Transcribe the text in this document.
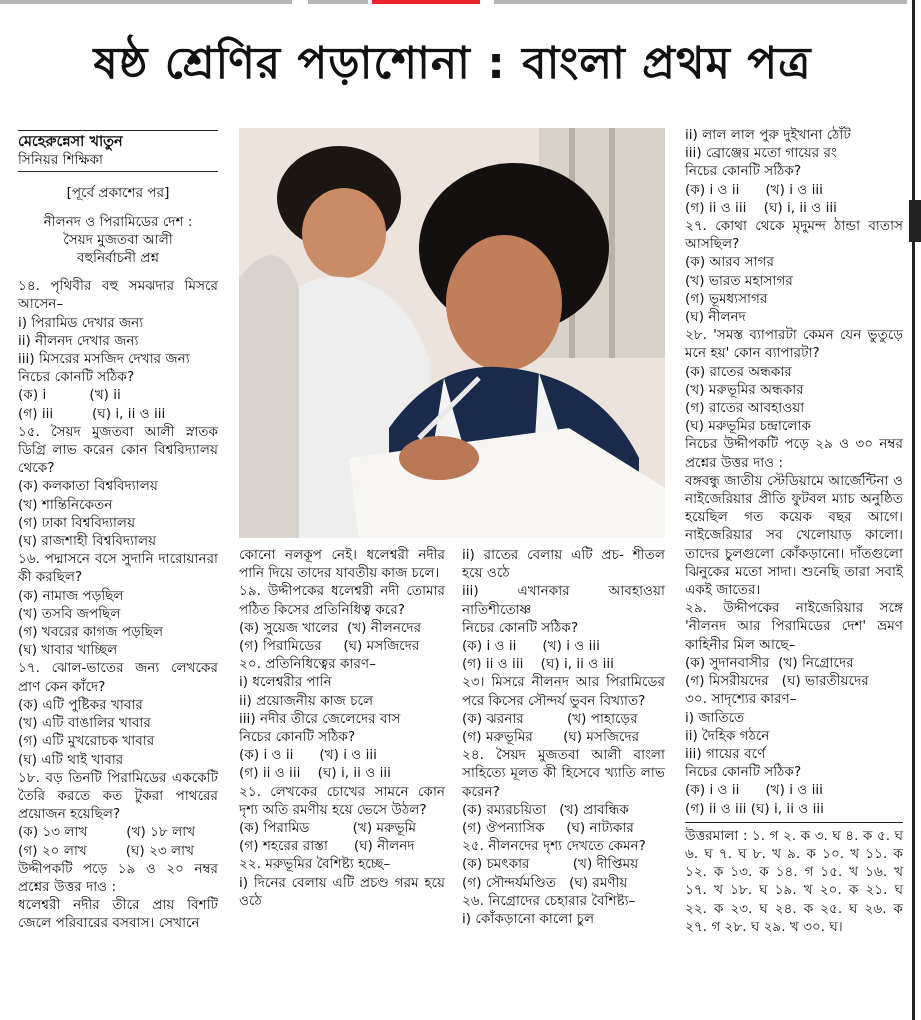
ষষ্ঠ শ্রেণির পড়াশোনা : বাংলা প্রথম পত্র

মেহেরুন্নেসা খাতুন

সিনিয়র শিক্ষিকা

[পূর্বে প্রকাশের পর]

নীলনদ ও পিরামিডের দেশ :

সৈয়দ মুজতবা আলী

বহুনির্বাচনী প্রশ্ন

১৪. পৃথিবীর বহু সমঝদার মিসরে আসেন–

i) পিরামিড দেখার জন্য

ii) নীলনদ দেখার জন্য

iii) মিসরের মসজিদ দেখার জন্য

নিচের কোনটি সঠিক?

(ক) i          (খ) ii

(গ) iii         (ঘ) i, ii ও iii

১৫. সৈয়দ মুজতবা আলী স্নাতক ডিগ্রি লাভ করেন কোন বিশ্ববিদ্যালয় থেকে?

(ক) কলকাতা বিশ্ববিদ্যালয়

(খ) শান্তিনিকেতন

(গ) ঢাকা বিশ্ববিদ্যালয়

(ঘ) রাজশাহী বিশ্ববিদ্যালয়

১৬. পদ্মাসনে বসে সুদানি দারোয়ানরা কী করছিল?

(ক) নামাজ পড়ছিল

(খ) তসবি জপছিল

(গ) খবরের কাগজ পড়ছিল

(ঘ) খাবার খাচ্ছিল

১৭. ঝোল-ভাতের জন্য লেখকের প্রাণ কেন কাঁদে?

(ক) এটি পুষ্টিকর খাবার

(খ) এটি বাঙালির খাবার

(গ) এটি মুখরোচক খাবার

(ঘ) এটি থাই খাবার

১৮. বড় তিনটি পিরামিডের এককেটি তৈরি করতে কত টুকরা পাথরের প্রয়োজন হয়েছিল?

(ক) ১৩ লাখ         (খ) ১৮ লাখ

(গ) ২০ লাখ         (ঘ) ২৩ লাখ

উদ্দীপকটি পড়ে ১৯ ও ২০ নম্বর প্রশ্নের উত্তর দাও :

ধলেশ্বরী নদীর তীরে প্রায় বিশটি জেলে পরিবারের বসবাস। সেখানে

কোনো নলকূপ নেই। ধলেশ্বরী নদীর পানি দিয়ে তাদের যাবতীয় কাজ চলে।

১৯. উদ্দীপকের ধলেশ্বরী নদী তোমার পঠিত কিসের প্রতিনিধিত্ব করে?

(ক) সুয়েজ খালের  (খ) নীলনদের

(গ) পিরামিডের     (ঘ) মসজিদের

২০. প্রতিনিধিত্বের কারণ–

i) ধলেশ্বরীর পানি

ii) প্রয়োজনীয় কাজ চলে

iii) নদীর তীরে জেলেদের বাস

নিচের কোনটি সঠিক?

(ক) i ও ii      (খ) i ও iii

(গ) ii ও iii    (ঘ) i, ii ও iii

২১. লেখকের চোখের সামনে কোন দৃশ্য অতি রমণীয় হয়ে ভেসে উঠল?

(ক) পিরামিড          (খ) মরুভূমি

(গ) শহরের রাস্তা      (ঘ) নীলনদ

২২. মরুভূমির বৈশিষ্ট্য হচ্ছে–

i) দিনের বেলায় এটি প্রচণ্ড গরম হয়ে ওঠে

ii) রাতের বেলায় এটি প্রচ- শীতল হয়ে ওঠে

iii) এখানকার আবহাওয়া নাতিশীতোষ্ণ

নিচের কোনটি সঠিক?

(ক) i ও ii      (খ) i ও iii

(গ) ii ও iii    (ঘ) i, ii ও iii

২৩। মিসরে নীলনদ আর পিরামিডের পরে কিসের সৌন্দর্য ভুবন বিখ্যাত?

(ক) ঝরনার          (খ) পাহাড়ের

(গ) মরুভূমির       (ঘ) মসজিদের

২৪. সৈয়দ মুজতবা আলী বাংলা সাহিত্যে মূলত কী হিসেবে খ্যাতি লাভ করেন?

(ক) রম্যরচয়িতা   (খ) প্রাবন্ধিক

(গ) ঔপন্যাসিক     (ঘ) নাট্যকার

২৫. নীলনদের দৃশ্য দেখতে কেমন?

(ক) চমৎকার          (খ) দীপ্তিময়

(গ) সৌন্দর্যমণ্ডিত   (ঘ) রমণীয়

২৬. নিগ্রোদের চেহারার বৈশিষ্ট্য–

i) কোঁকড়ানো কালো চুল

ii) লাল লাল পুরু দুইখানা ঠোঁট

iii) ব্রোঞ্জের মতো গায়ের রং

নিচের কোনটি সঠিক?

(ক) i ও ii      (খ) i ও iii

(গ) ii ও iii    (ঘ) i, ii ও iii

২৭. কোথা থেকে মৃদুমন্দ ঠান্ডা বাতাস আসছিল?

(ক) আরব সাগর

(খ) ভারত মহাসাগর

(গ) ভূমধ্যসাগর

(ঘ) নীলনদ

২৮. 'সমস্ত ব্যাপারটা কেমন যেন ভুতুড়ে মনে হয়' কোন ব্যাপারটা?

(ক) রাতের অন্ধকার

(খ) মরুভূমির অন্ধকার

(গ) রাতের আবহাওয়া

(ঘ) মরুভূমির চন্দ্রালোক

নিচের উদ্দীপকটি পড়ে ২৯ ও ৩০ নম্বর প্রশ্নের উত্তর দাও :

বঙ্গবন্ধু জাতীয় স্টেডিয়ামে আর্জেন্টিনা ও নাইজেরিয়ার প্রীতি ফুটবল ম্যাচ অনুষ্ঠিত হয়েছিল গত কয়েক বছর আগে। নাইজেরিয়ার সব খেলোয়াড় কালো। তাদের চুলগুলো কোঁকড়ানো। দাঁতগুলো ঝিনুকের মতো সাদা। শুনেছি তারা সবাই একই জাতের।

২৯. উদ্দীপকের নাইজেরিয়ার সঙ্গে 'নীলনদ আর পিরামিডের দেশ' ভ্রমণ কাহিনীর মিল আছে–

(ক) সুদানবাসীর  (খ) নিগ্রোদের

(গ) মিসরীয়দের   (ঘ) ভারতীয়দের

৩০. সাদৃশ্যের কারণ–

i) জাতিতে

ii) দৈহিক গঠনে

iii) গায়ের বর্ণে

নিচের কোনটি সঠিক?

(ক) i ও ii      (খ) i ও iii

(গ) ii ও iii (ঘ) i, ii ও iii

উত্তরমালা : ১. গ ২. ক ৩. ঘ ৪. ক ৫. ঘ ৬. ঘ ৭. ঘ ৮. খ ৯. ক ১০. খ ১১. ক ১২. ক ১৩. ক ১৪. গ ১৫. খ ১৬. খ ১৭. খ ১৮. ঘ ১৯. খ ২০. ক ২১. ঘ ২২. ক ২৩. ঘ ২৪. ক ২৫. ঘ ২৬. ক ২৭. গ ২৮. ঘ ২৯. খ ৩০. ঘ।
